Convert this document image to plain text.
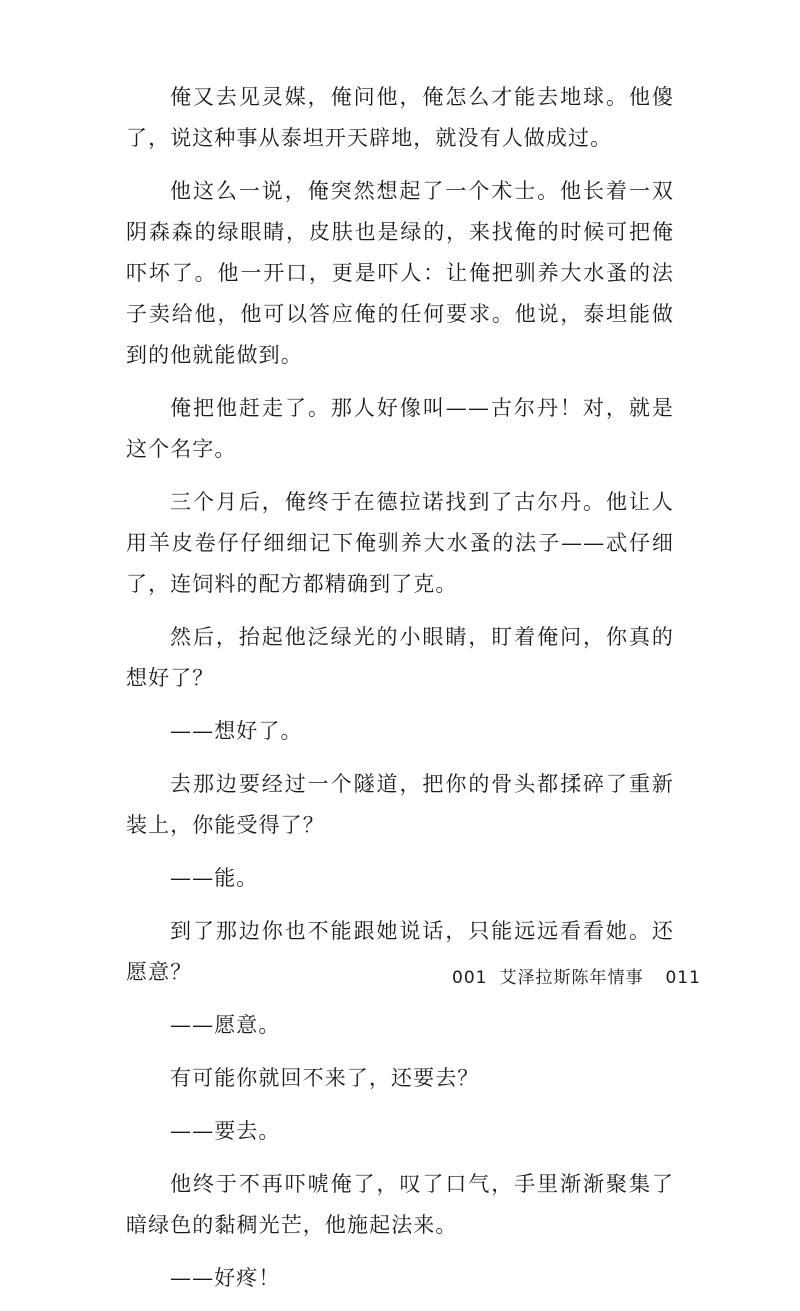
俺又去见灵媒，俺问他，俺怎么才能去地球。他傻了，说这种事从泰坦开天辟地，就没有人做成过。

他这么一说，俺突然想起了一个术士。他长着一双阴森森的绿眼睛，皮肤也是绿的，来找俺的时候可把俺吓坏了。他一开口，更是吓人：让俺把驯养大水蚤的法子卖给他，他可以答应俺的任何要求。他说，泰坦能做到的他就能做到。

俺把他赶走了。那人好像叫——古尔丹！对，就是这个名字。

三个月后，俺终于在德拉诺找到了古尔丹。他让人用羊皮卷仔仔细细记下俺驯养大水蚤的法子——忒仔细了，连饲料的配方都精确到了克。

然后，抬起他泛绿光的小眼睛，盯着俺问，你真的想好了？

——想好了。

去那边要经过一个隧道，把你的骨头都揉碎了重新装上，你能受得了？

——能。

到了那边你也不能跟她说话，只能远远看看她。还愿意？

——愿意。

有可能你就回不来了，还要去？

——要去。

他终于不再吓唬俺了，叹了口气，手里渐渐聚集了暗绿色的黏稠光芒，他施起法来。

——好疼！

001 艾泽拉斯陈年情事 011
